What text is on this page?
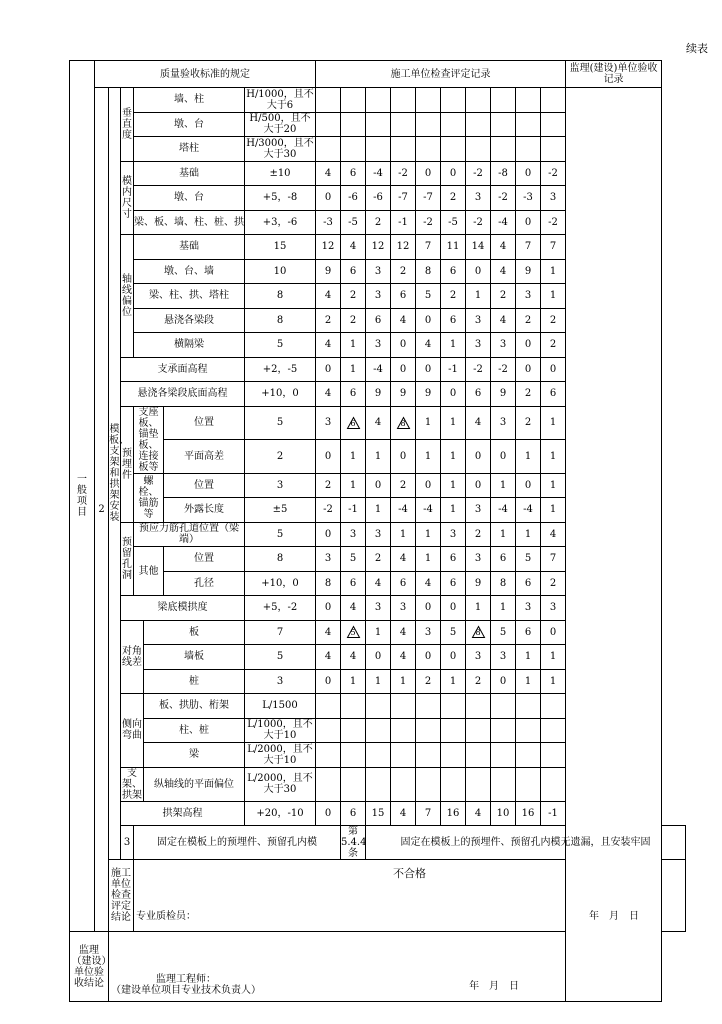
续表
一般项目	质量验收标准的规定							施工单位检查评定记录										监理(建设)单位验收记录
	2	模板、支架和拱架安装	垂直度	墙、柱			H/1000，且不大于6											
				墩、台			H/500，且不大于20											
				塔柱			H/3000，且不大于30											
			模内尺寸	基础			±10	4	6	-4	-2	0	0	-2	-8	0	-2	
				墩、台			+5，-8	0	-6	-6	-7	-7	2	3	-2	-3	3	
				梁、板、墙、柱、桩、拱			+3，-6	-3	-5	2	-1	-2	-5	-2	-4	0	-2	
			轴线偏位	基础			15	12	4	12	12	7	11	14	4	7	7	
				墩、台、墙			10	9	6	3	2	8	6	0	4	9	1	
				梁、柱、拱、塔柱			8	4	2	3	6	5	2	1	2	3	1	
				悬浇各梁段			8	2	2	6	4	0	6	3	4	2	2	
				横隔梁			5	4	1	3	0	4	1	3	3	0	2	
			支承面高程				+2，-5	0	1	-4	0	0	-1	-2	-2	0	0	
			悬浇各梁段底面高程				+10，0	4	6	9	9	9	0	6	9	2	6	
			预埋件	支座板、锚垫板、连接板等		位置	5	3	6	4	8	1	1	4	3	2	1	
						平面高差	2	0	1	1	0	1	1	0	0	1	1	
				螺栓、锚筋等		位置	3	2	1	0	2	0	1	0	1	0	1	
						外露长度	±5	-2	-1	1	-4	-4	1	3	-4	-4	1	
			预留孔洞	预应力筋孔道位置（梁端）			5	0	3	3	1	1	3	2	1	1	4	
				其他		位置	8	3	5	2	4	1	6	3	6	5	7	
						孔径	+10，0	8	6	4	6	4	6	9	8	6	2	
			梁底模拱度				+5，-2	0	4	3	3	0	0	1	1	3	3	
			对角线差		板		7	4	5	1	4	3	5	8	5	6	0	
					墙板		5	4	4	0	4	0	0	3	3	1	1	
					桩		3	0	1	1	1	2	1	2	0	1	1	
			侧向弯曲		板、拱肋、桁架		L/1500											
					柱、桩		L/1000，且不大于10											
					梁		L/2000，且不大于10											
			支架、拱架		纵轴线的平面偏位		L/2000，且不大于30											
			拱架高程				+20，-10	0	6	15	4	7	16	4	10	16	-1	
			3	固定在模板上的预埋件、预留孔内模					第5.4.4条	固定在模板上的预埋件、预留孔内模无遗漏，且安装牢固								
		施工单位检查评定结论		不合格
专业质检员： 年　月　日														

监理（建设）单位验收结论		监理工程师：
（建设单位项目专业技术负责人） 年　月　日																
